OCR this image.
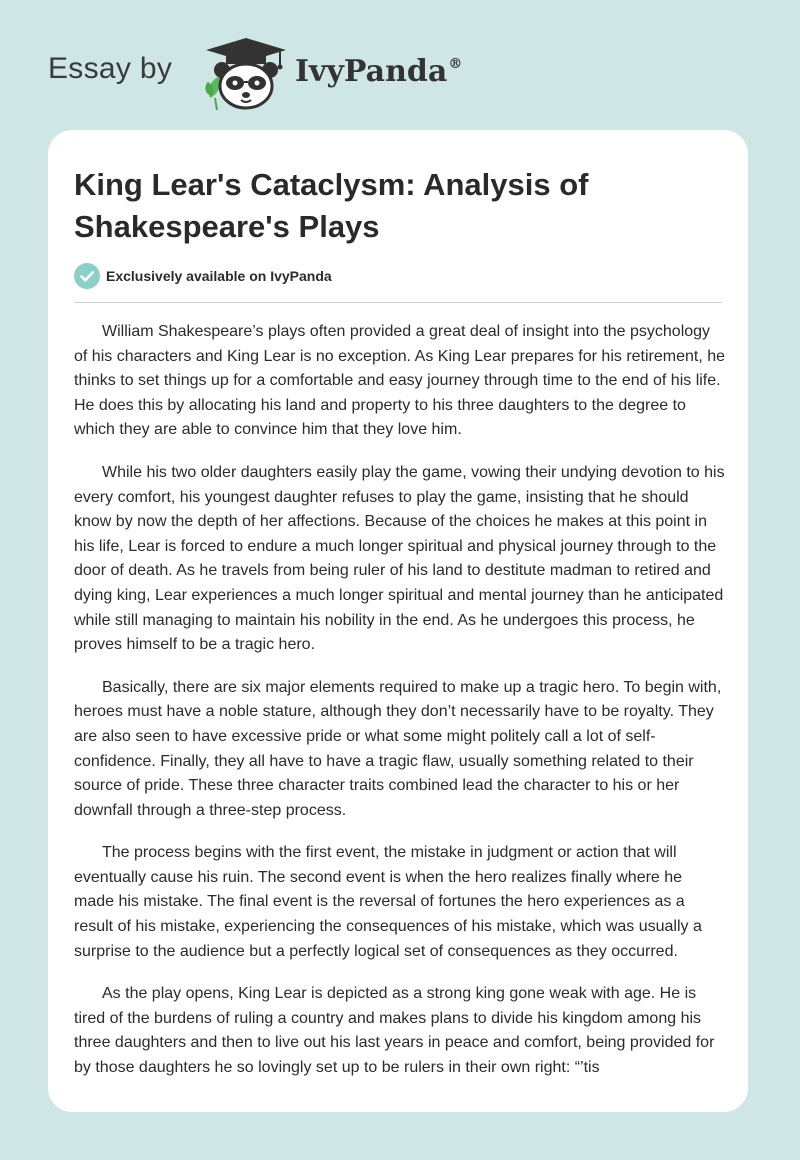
Essay by	IvyPanda®
King Lear's Cataclysm: Analysis of Shakespeare's Plays
Exclusively available on IvyPanda

William Shakespeare’s plays often provided a great deal of insight into the psychology of his characters and King Lear is no exception. As King Lear prepares for his retirement, he thinks to set things up for a comfortable and easy journey through time to the end of his life. He does this by allocating his land and property to his three daughters to the degree to which they are able to convince him that they love him.

While his two older daughters easily play the game, vowing their undying devotion to his every comfort, his youngest daughter refuses to play the game, insisting that he should know by now the depth of her affections. Because of the choices he makes at this point in his life, Lear is forced to endure a much longer spiritual and physical journey through to the door of death. As he travels from being ruler of his land to destitute madman to retired and dying king, Lear experiences a much longer spiritual and mental journey than he anticipated while still managing to maintain his nobility in the end. As he undergoes this process, he proves himself to be a tragic hero.

Basically, there are six major elements required to make up a tragic hero. To begin with, heroes must have a noble stature, although they don’t necessarily have to be royalty. They are also seen to have excessive pride or what some might politely call a lot of self-confidence. Finally, they all have to have a tragic flaw, usually something related to their source of pride. These three character traits combined lead the character to his or her downfall through a three-step process.

The process begins with the first event, the mistake in judgment or action that will eventually cause his ruin. The second event is when the hero realizes finally where he made his mistake. The final event is the reversal of fortunes the hero experiences as a result of his mistake, experiencing the consequences of his mistake, which was usually a surprise to the audience but a perfectly logical set of consequences as they occurred.

As the play opens, King Lear is depicted as a strong king gone weak with age. He is tired of the burdens of ruling a country and makes plans to divide his kingdom among his three daughters and then to live out his last years in peace and comfort, being provided for by those daughters he so lovingly set up to be rulers in their own right: “’tis
